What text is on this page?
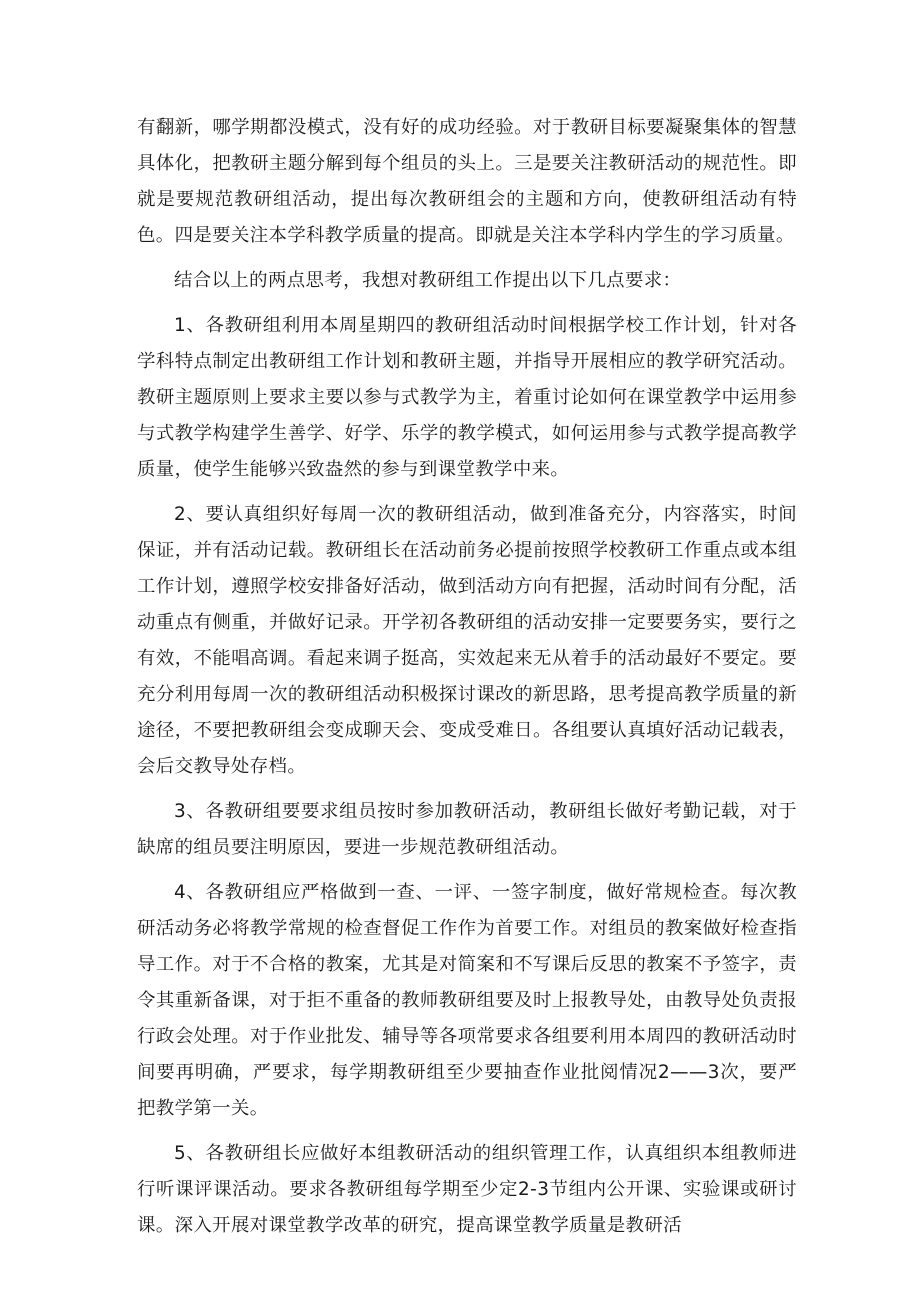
有翻新，哪学期都没模式，没有好的成功经验。对于教研目标要凝聚集体的智慧具体化，把教研主题分解到每个组员的头上。三是要关注教研活动的规范性。即就是要规范教研组活动，提出每次教研组会的主题和方向，使教研组活动有特色。四是要关注本学科教学质量的提高。即就是关注本学科内学生的学习质量。

结合以上的两点思考，我想对教研组工作提出以下几点要求：

1、各教研组利用本周星期四的教研组活动时间根据学校工作计划，针对各学科特点制定出教研组工作计划和教研主题，并指导开展相应的教学研究活动。教研主题原则上要求主要以参与式教学为主，着重讨论如何在课堂教学中运用参与式教学构建学生善学、好学、乐学的教学模式，如何运用参与式教学提高教学质量，使学生能够兴致盎然的参与到课堂教学中来。

2、要认真组织好每周一次的教研组活动，做到准备充分，内容落实，时间保证，并有活动记载。教研组长在活动前务必提前按照学校教研工作重点或本组工作计划，遵照学校安排备好活动，做到活动方向有把握，活动时间有分配，活动重点有侧重，并做好记录。开学初各教研组的活动安排一定要要务实，要行之有效，不能唱高调。看起来调子挺高，实效起来无从着手的活动最好不要定。要充分利用每周一次的教研组活动积极探讨课改的新思路，思考提高教学质量的新途径，不要把教研组会变成聊天会、变成受难日。各组要认真填好活动记载表，会后交教导处存档。

3、各教研组要要求组员按时参加教研活动，教研组长做好考勤记载，对于缺席的组员要注明原因，要进一步规范教研组活动。

4、各教研组应严格做到一查、一评、一签字制度，做好常规检查。每次教研活动务必将教学常规的检查督促工作作为首要工作。对组员的教案做好检查指导工作。对于不合格的教案，尤其是对简案和不写课后反思的教案不予签字，责令其重新备课，对于拒不重备的教师教研组要及时上报教导处，由教导处负责报行政会处理。对于作业批发、辅导等各项常要求各组要利用本周四的教研活动时间要再明确，严要求，每学期教研组至少要抽查作业批阅情况2——3次，要严把教学第一关。

5、各教研组长应做好本组教研活动的组织管理工作，认真组织本组教师进行听课评课活动。要求各教研组每学期至少定2-3节组内公开课、实验课或研讨课。深入开展对课堂教学改革的研究，提高课堂教学质量是教研活
